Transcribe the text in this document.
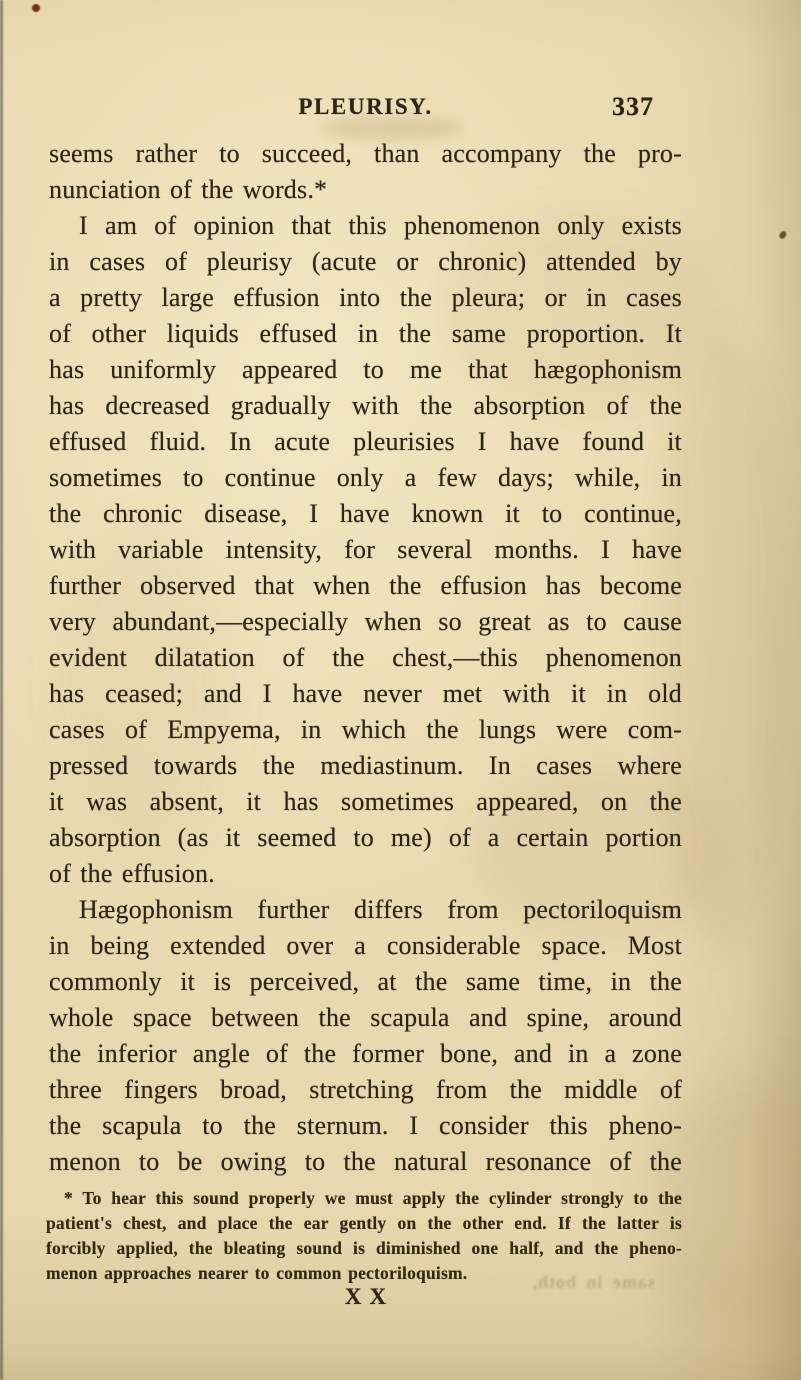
same in both,
PLEURISY.	337
seems rather to succeed, than accompany the pro-
nunciation of the words.*
I am of opinion that this phenomenon only exists
in cases of pleurisy (acute or chronic) attended by
a pretty large effusion into the pleura; or in cases
of other liquids effused in the same proportion. It
has uniformly appeared to me that hægophonism
has decreased gradually with the absorption of the
effused fluid. In acute pleurisies I have found it
sometimes to continue only a few days; while, in
the chronic disease, I have known it to continue,
with variable intensity, for several months. I have
further observed that when the effusion has become
very abundant,—especially when so great as to cause
evident dilatation of the chest,—this phenomenon
has ceased; and I have never met with it in old
cases of Empyema, in which the lungs were com-
pressed towards the mediastinum. In cases where
it was absent, it has sometimes appeared, on the
absorption (as it seemed to me) of a certain portion
of the effusion.
Hægophonism further differs from pectoriloquism
in being extended over a considerable space. Most
commonly it is perceived, at the same time, in the
whole space between the scapula and spine, around
the inferior angle of the former bone, and in a zone
three fingers broad, stretching from the middle of
the scapula to the sternum. I consider this pheno-
menon to be owing to the natural resonance of the
* To hear this sound properly we must apply the cylinder strongly to the
patient's chest, and place the ear gently on the other end. If the latter is
forcibly applied, the bleating sound is diminished one half, and the pheno-
menon approaches nearer to common pectoriloquism.
XX
